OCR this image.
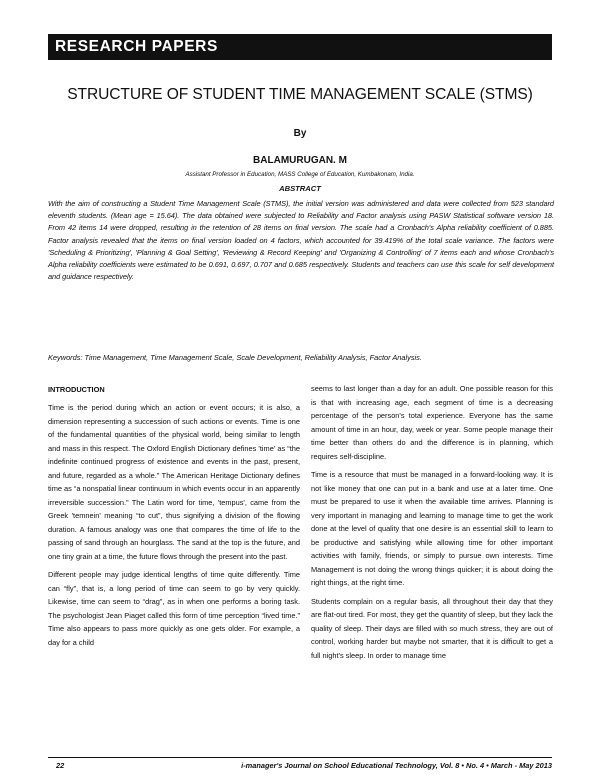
RESEARCH PAPERS
STRUCTURE OF STUDENT TIME MANAGEMENT SCALE (STMS)
By
BALAMURUGAN. M
Assistant Professor in Education, MASS College of Education, Kumbakonam, India.
ABSTRACT

With the aim of constructing a Student Time Management Scale (STMS), the initial version was administered and data were collected from 523 standard eleventh students. (Mean age = 15.64). The data obtained were subjected to Reliability and Factor analysis using PASW Statistical software version 18. From 42 items 14 were dropped, resulting in the retention of 28 items on final version. The scale had a Cronbach's Alpha reliability coefficient of 0.885. Factor analysis revealed that the items on final version loaded on 4 factors, which accounted for 39.419% of the total scale variance. The factors were 'Scheduling & Prioritizing', 'Planning & Goal Setting', 'Reviewing & Record Keeping' and 'Organizing & Controlling' of 7 items each and whose Cronbach's Alpha reliability coefficients were estimated to be 0.691, 0.697, 0.707 and 0.685 respectively. Students and teachers can use this scale for self development and guidance respectively.

Keywords: Time Management, Time Management Scale, Scale Development, Reliability Analysis, Factor Analysis.

INTRODUCTION

Time is the period during which an action or event occurs; it is also, a dimension representing a succession of such actions or events. Time is one of the fundamental quantities of the physical world, being similar to length and mass in this respect. The Oxford English Dictionary defines 'time' as “the indefinite continued progress of existence and events in the past, present, and future, regarded as a whole.” The American Heritage Dictionary defines time as “a nonspatial linear continuum in which events occur in an apparently irreversible succession.” The Latin word for time, 'tempus', came from the Greek 'temnein' meaning “to cut”, thus signifying a division of the flowing duration. A famous analogy was one that compares the time of life to the passing of sand through an hourglass. The sand at the top is the future, and one tiny grain at a time, the future flows through the present into the past.

Different people may judge identical lengths of time quite differently. Time can “fly”, that is, a long period of time can seem to go by very quickly. Likewise, time can seem to “drag”, as in when one performs a boring task. The psychologist Jean Piaget called this form of time perception “lived time.” Time also appears to pass more quickly as one gets older. For example, a day for a child

seems to last longer than a day for an adult. One possible reason for this is that with increasing age, each segment of time is a decreasing percentage of the person's total experience. Everyone has the same amount of time in an hour, day, week or year. Some people manage their time better than others do and the difference is in planning, which requires self-discipline.

Time is a resource that must be managed in a forward-looking way. It is not like money that one can put in a bank and use at a later time. One must be prepared to use it when the available time arrives. Planning is very important in managing and learning to manage time to get the work done at the level of quality that one desire is an essential skill to learn to be productive and satisfying while allowing time for other important activities with family, friends, or simply to pursue own interests. Time Management is not doing the wrong things quicker; it is about doing the right things, at the right time.

Students complain on a regular basis, all throughout their day that they are flat-out tired. For most, they get the quantity of sleep, but they lack the quality of sleep. Their days are filled with so much stress, they are out of control, working harder but maybe not smarter, that it is difficult to get a full night's sleep. In order to manage time

22	i-manager's Journal on School Educational Technology, Vol. 8 • No. 4 • March - May 2013
